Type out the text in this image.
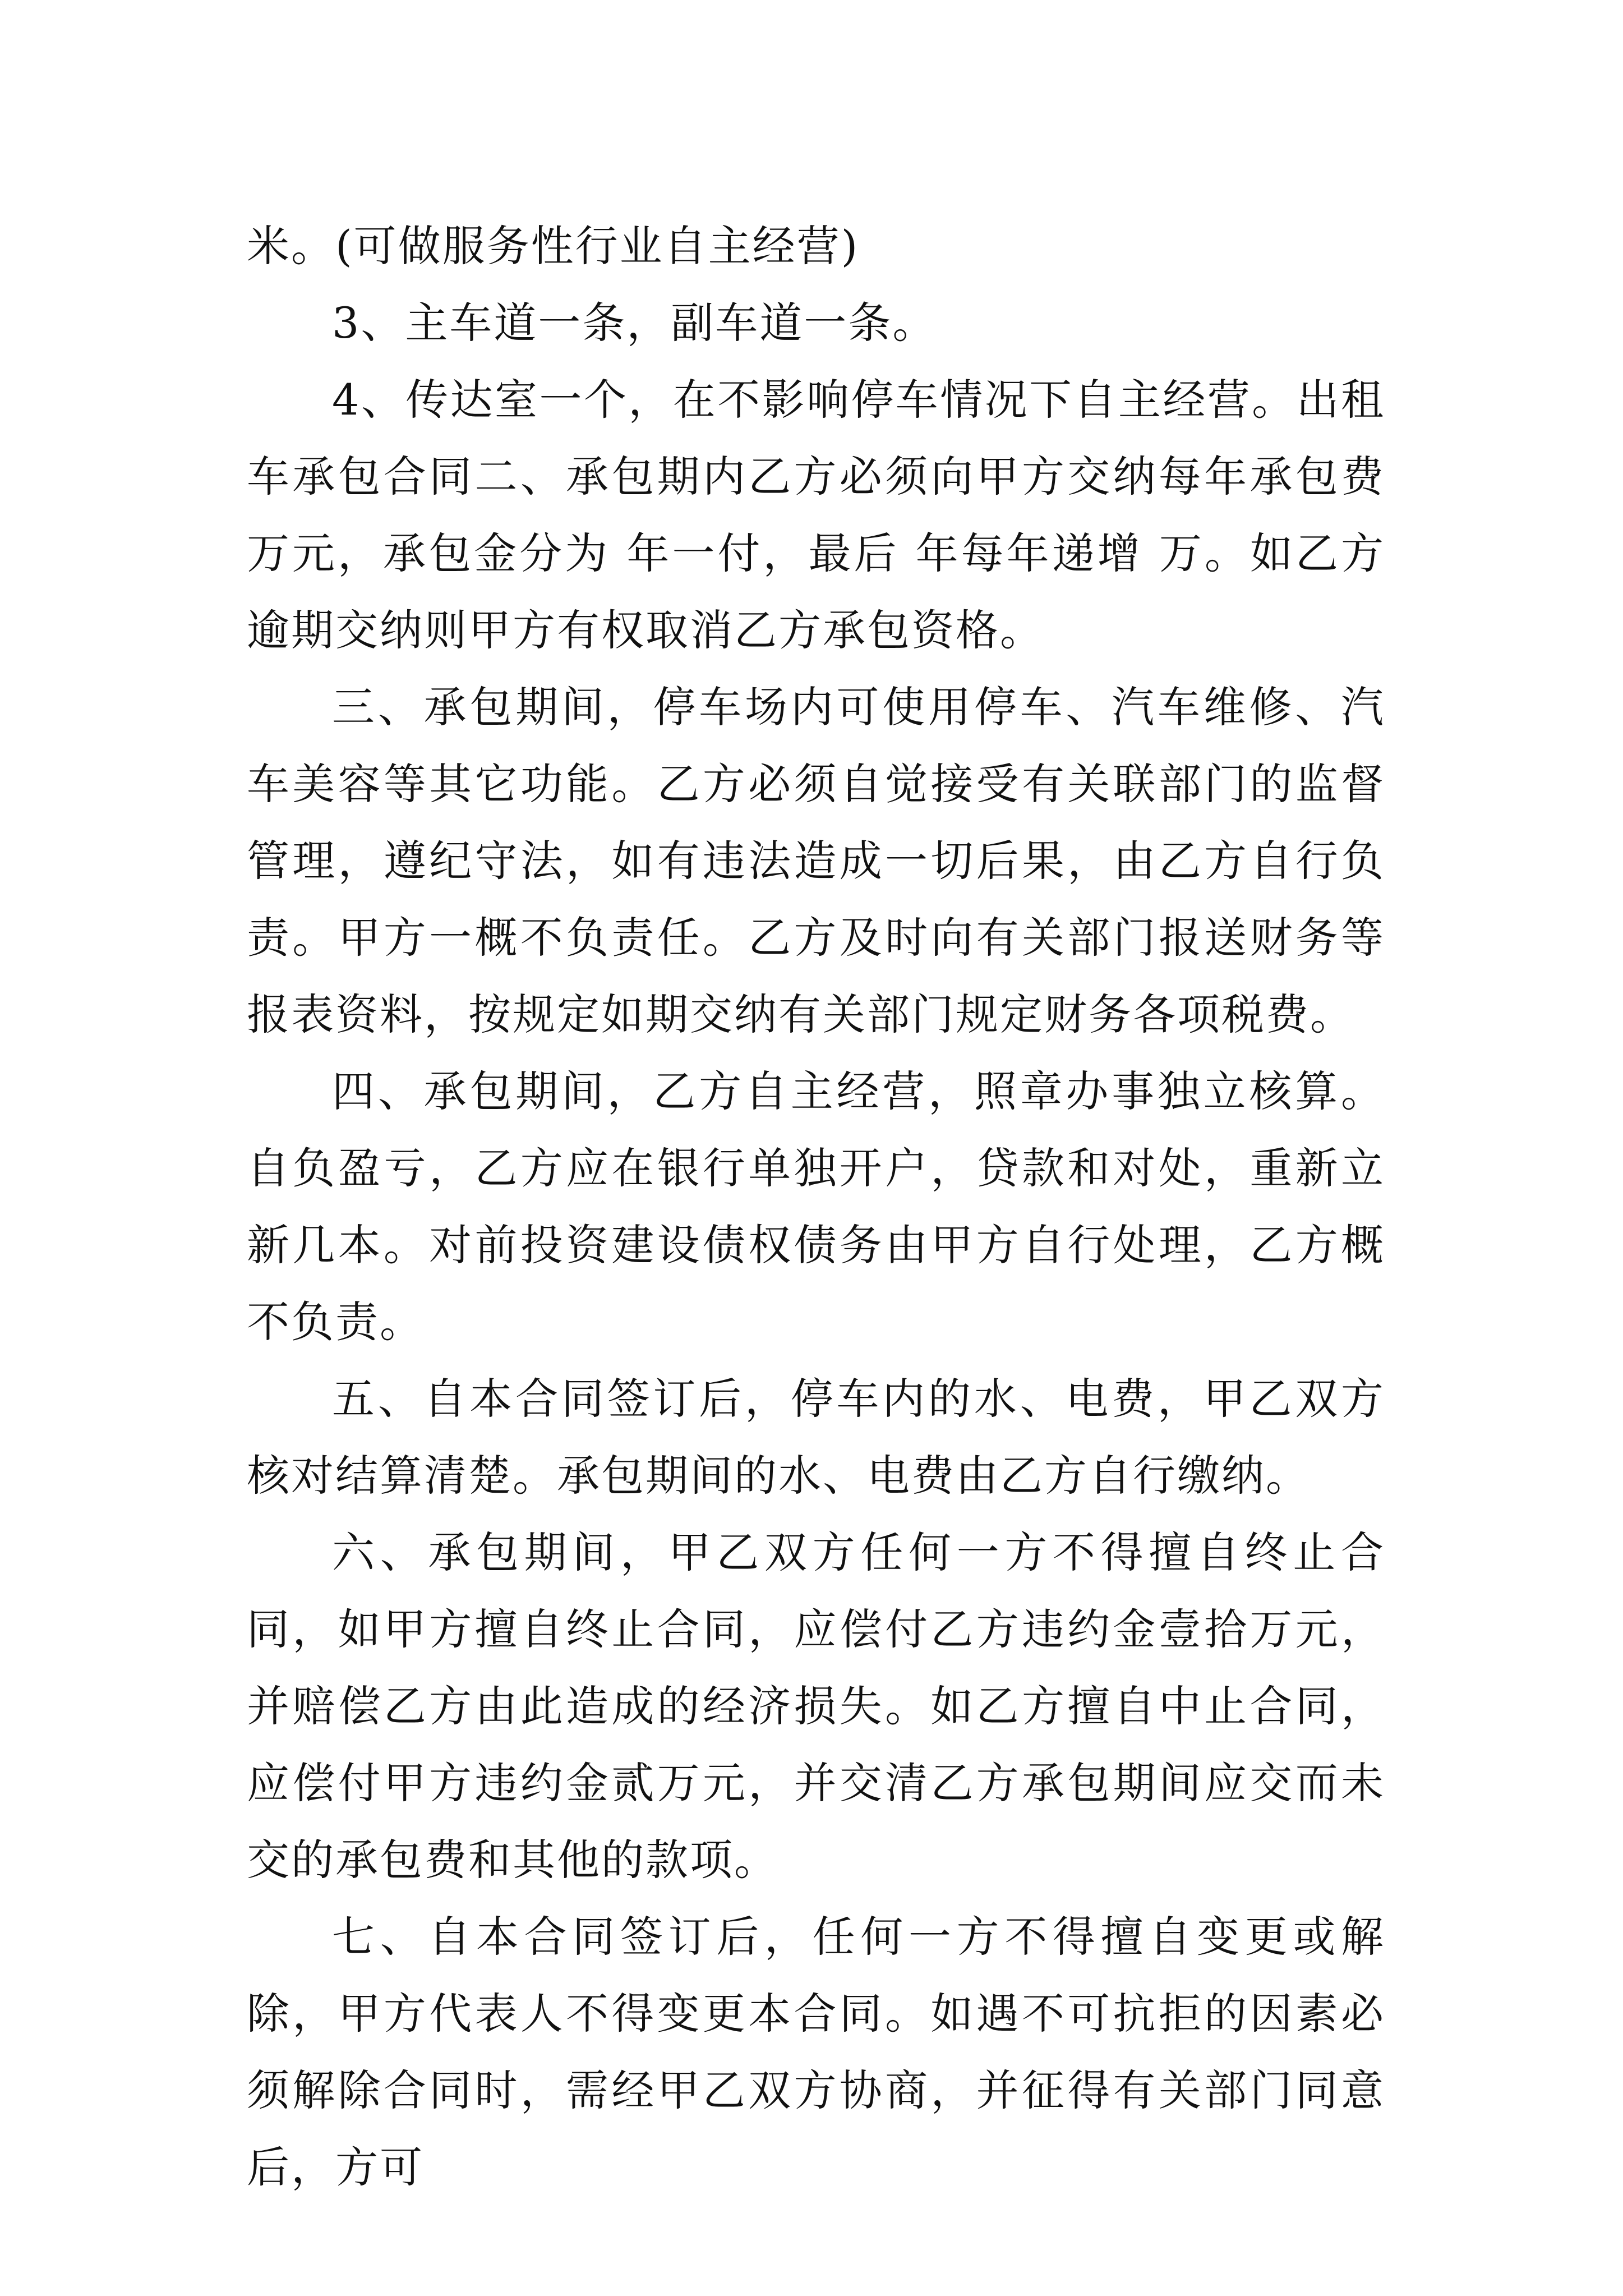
米。(可做服务性行业自主经营)

3、主车道一条，副车道一条。

4、传达室一个，在不影响停车情况下自主经营。出租车承包合同二、承包期内乙方必须向甲方交纳每年承包费 万元，承包金分为 年一付，最后 年每年递增 万。如乙方逾期交纳则甲方有权取消乙方承包资格。

三、承包期间，停车场内可使用停车、汽车维修、汽车美容等其它功能。乙方必须自觉接受有关联部门的监督管理，遵纪守法，如有违法造成一切后果，由乙方自行负责。甲方一概不负责任。乙方及时向有关部门报送财务等报表资料，按规定如期交纳有关部门规定财务各项税费。

四、承包期间，乙方自主经营，照章办事独立核算。自负盈亏，乙方应在银行单独开户，贷款和对处，重新立新几本。对前投资建设债权债务由甲方自行处理，乙方概不负责。

五、自本合同签订后，停车内的水、电费，甲乙双方核对结算清楚。承包期间的水、电费由乙方自行缴纳。

六、承包期间，甲乙双方任何一方不得擅自终止合同，如甲方擅自终止合同，应偿付乙方违约金壹拾万元，并赔偿乙方由此造成的经济损失。如乙方擅自中止合同，应偿付甲方违约金贰万元，并交清乙方承包期间应交而未交的承包费和其他的款项。

七、自本合同签订后，任何一方不得擅自变更或解除，甲方代表人不得变更本合同。如遇不可抗拒的因素必须解除合同时，需经甲乙双方协商，并征得有关部门同意后，方可
